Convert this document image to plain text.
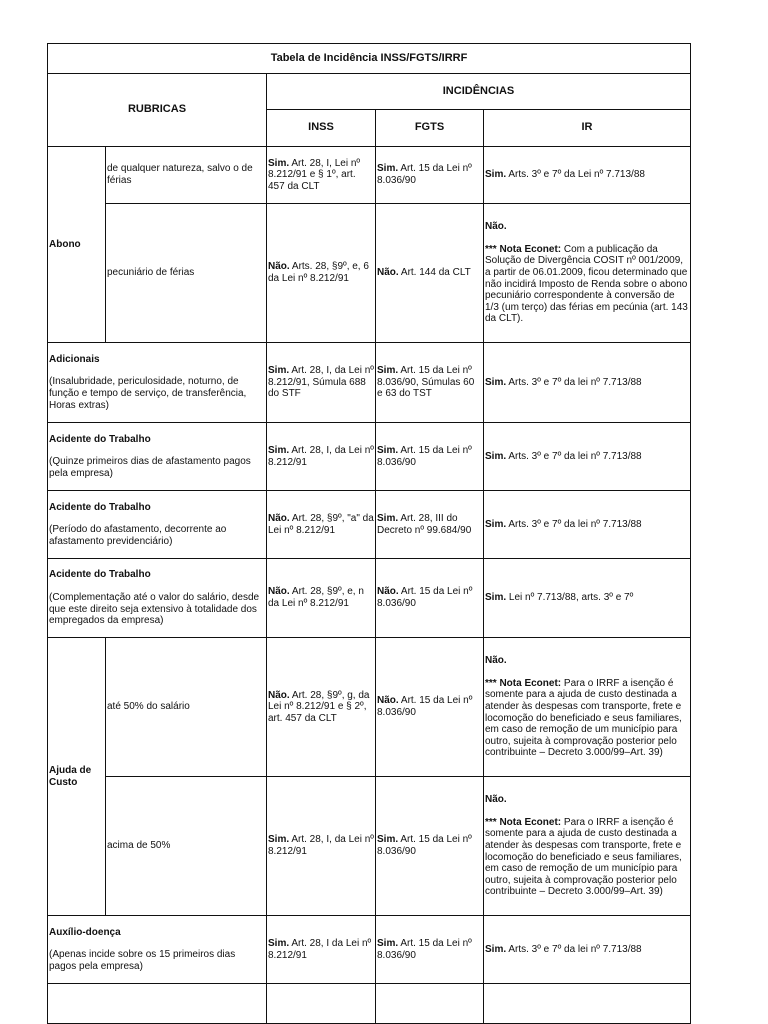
Tabela de Incidência INSS/FGTS/IRRF				
RUBRICAS		INCIDÊNCIAS		
		INSS	FGTS	IR
Abono	de qualquer natureza, salvo o de férias	Sim. Art. 28, I, Lei nº 8.212/91 e § 1º, art. 457 da CLT	Sim. Art. 15 da Lei nº 8.036/90	Sim. Arts. 3º e 7º da Lei nº 7.713/88
	pecuniário de férias	Não. Arts. 28, §9º, e, 6 da Lei nº 8.212/91	Não. Art. 144 da CLT	Não.
*** Nota Econet: Com a publicação da Solução de Divergência COSIT nº 001/2009, a partir de 06.01.2009, ficou determinado que não incidirá Imposto de Renda sobre o abono pecuniário correspondente à conversão de 1/3 (um terço) das férias em pecúnia (art. 143 da CLT).

Adicionais
(Insalubridade, periculosidade, noturno, de função e tempo de serviço, de transferência, Horas extras)		Sim. Art. 28, I, da Lei nº 8.212/91, Súmula 688 do STF	Sim. Art. 15 da Lei nº 8.036/90, Súmulas 60 e 63 do TST	Sim. Arts. 3º e 7º da lei nº 7.713/88

Acidente do Trabalho
(Quinze primeiros dias de afastamento pagos pela empresa)		Sim. Art. 28, I, da Lei nº 8.212/91	Sim. Art. 15 da Lei nº 8.036/90	Sim. Arts. 3º e 7º da lei nº 7.713/88

Acidente do Trabalho
(Período do afastamento, decorrente ao afastamento previdenciário)		Não. Art. 28, §9º, "a" da Lei nº 8.212/91	Sim. Art. 28, III do Decreto nº 99.684/90	Sim. Arts. 3º e 7º da lei nº 7.713/88

Acidente do Trabalho
(Complementação até o valor do salário, desde que este direito seja extensivo à totalidade dos empregados da empresa)		Não. Art. 28, §9º, e, n da Lei nº 8.212/91	Não. Art. 15 da Lei nº 8.036/90	Sim. Lei nº 7.713/88, arts. 3º e 7º
Ajuda de Custo	até 50% do salário	Não. Art. 28, §9º, g, da Lei nº 8.212/91 e § 2º, art. 457 da CLT	Não. Art. 15 da Lei nº 8.036/90	Não.
*** Nota Econet: Para o IRRF a isenção é somente para a ajuda de custo destinada a atender às despesas com transporte, frete e locomoção do beneficiado e seus familiares, em caso de remoção de um município para outro, sujeita à comprovação posterior pelo contribuinte – Decreto 3.000/99–Art. 39)
	acima de 50%	Sim. Art. 28, I, da Lei nº 8.212/91	Sim. Art. 15 da Lei nº 8.036/90	Não.
*** Nota Econet: Para o IRRF a isenção é somente para a ajuda de custo destinada a atender às despesas com transporte, frete e locomoção do beneficiado e seus familiares, em caso de remoção de um município para outro, sujeita à comprovação posterior pelo contribuinte – Decreto 3.000/99–Art. 39)

Auxílio-doença
(Apenas incide sobre os 15 primeiros dias pagos pela empresa)		Sim. Art. 28, I da Lei nº 8.212/91	Sim. Art. 15 da Lei nº 8.036/90	Sim. Arts. 3º e 7º da lei nº 7.713/88
